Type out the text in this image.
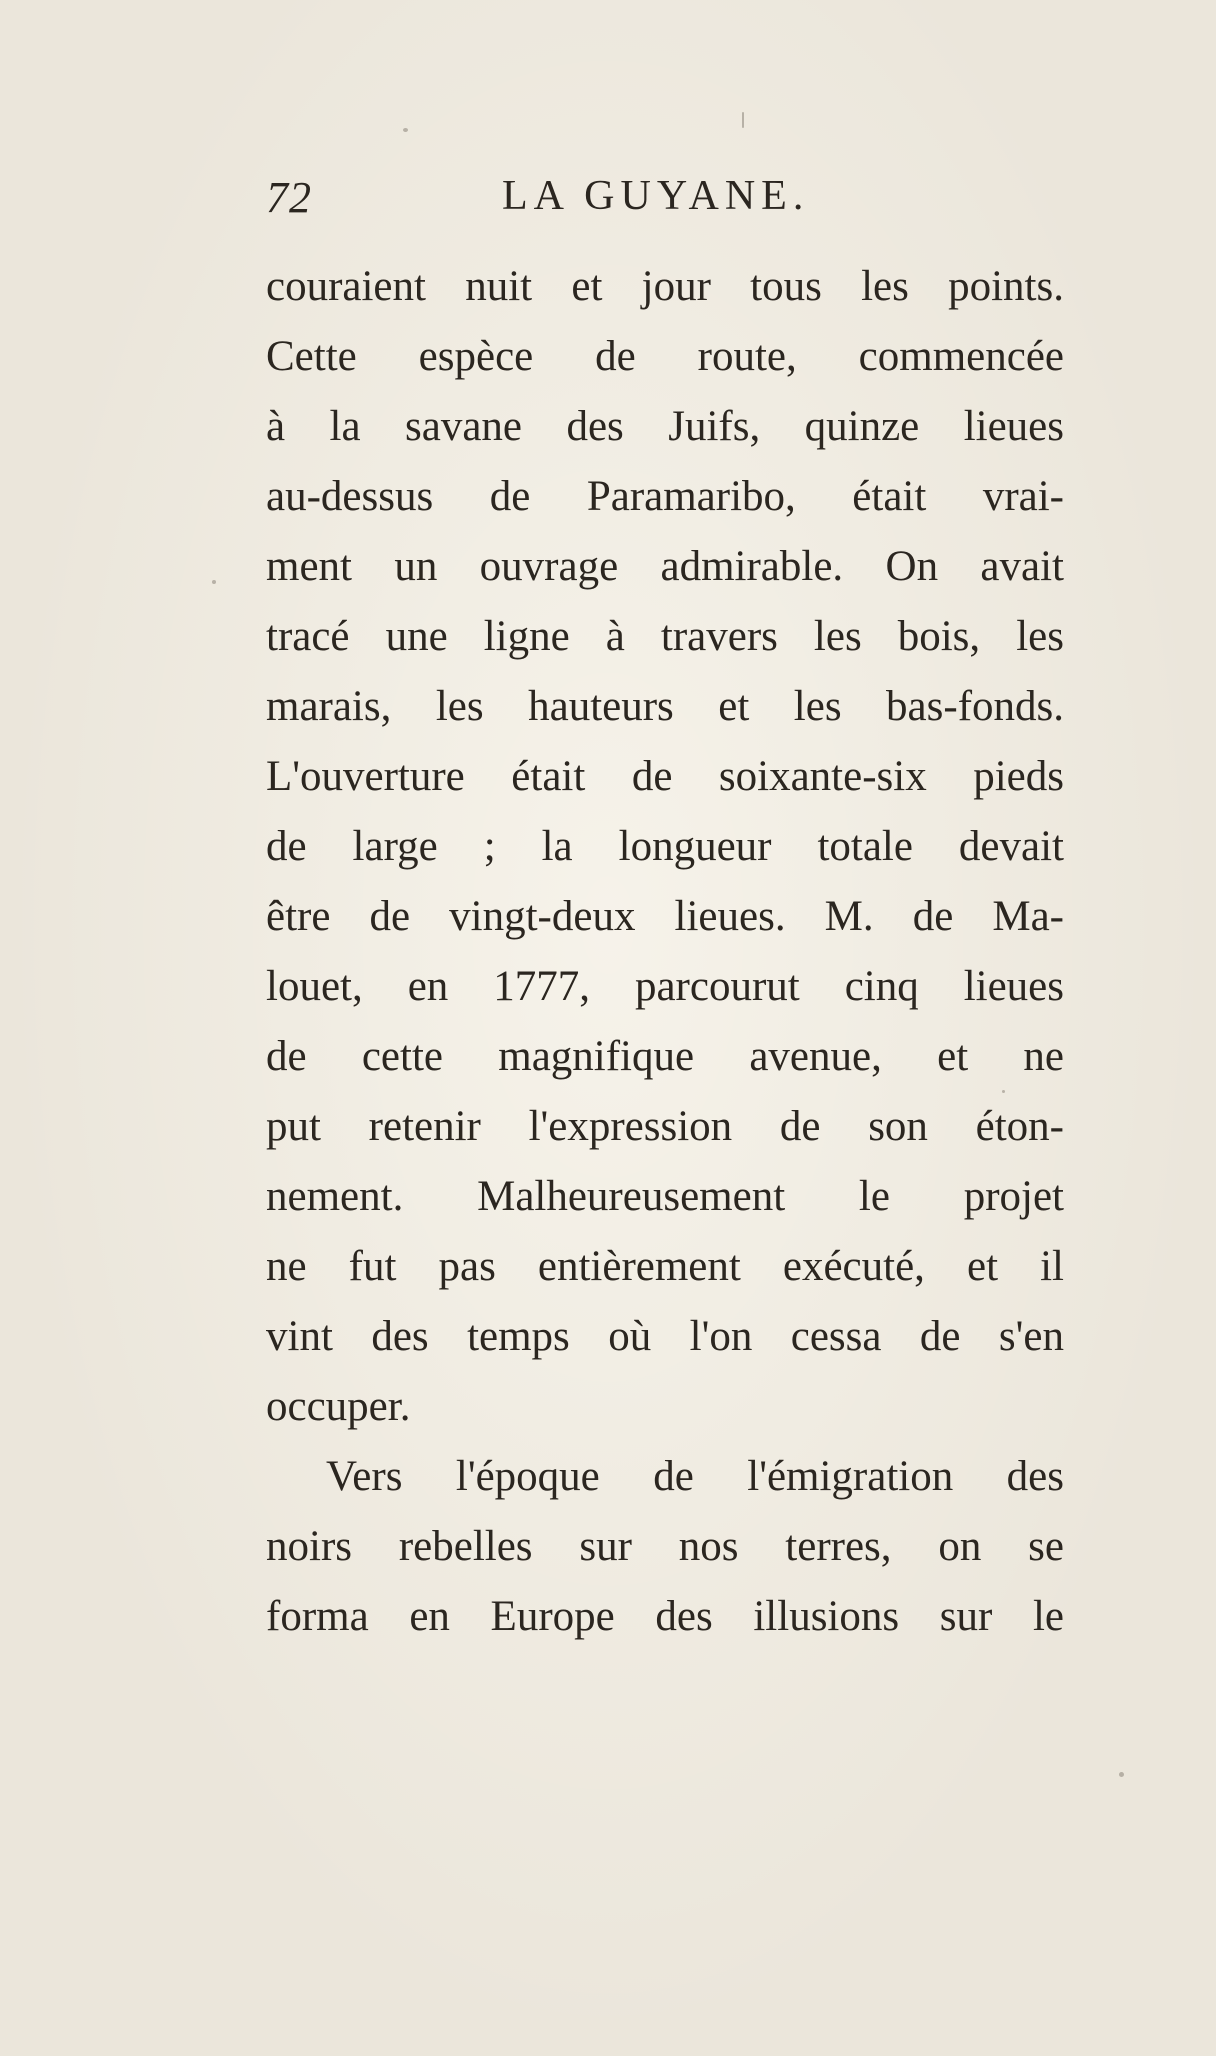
72	LA GUYANE.
couraient nuit et jour tous les points.
Cette espèce de route, commencée
à la savane des Juifs, quinze lieues
au-dessus de Paramaribo, était vrai-
ment un ouvrage admirable. On avait
tracé une ligne à travers les bois, les
marais, les hauteurs et les bas-fonds.
L'ouverture était de soixante-six pieds
de large ; la longueur totale devait
être de vingt-deux lieues. M. de Ma-
louet, en 1777, parcourut cinq lieues
de cette magnifique avenue, et ne
put retenir l'expression de son éton-
nement. Malheureusement le projet
ne fut pas entièrement exécuté, et il
vint des temps où l'on cessa de s'en
occuper.
Vers l'époque de l'émigration des
noirs rebelles sur nos terres, on se
forma en Europe des illusions sur le
